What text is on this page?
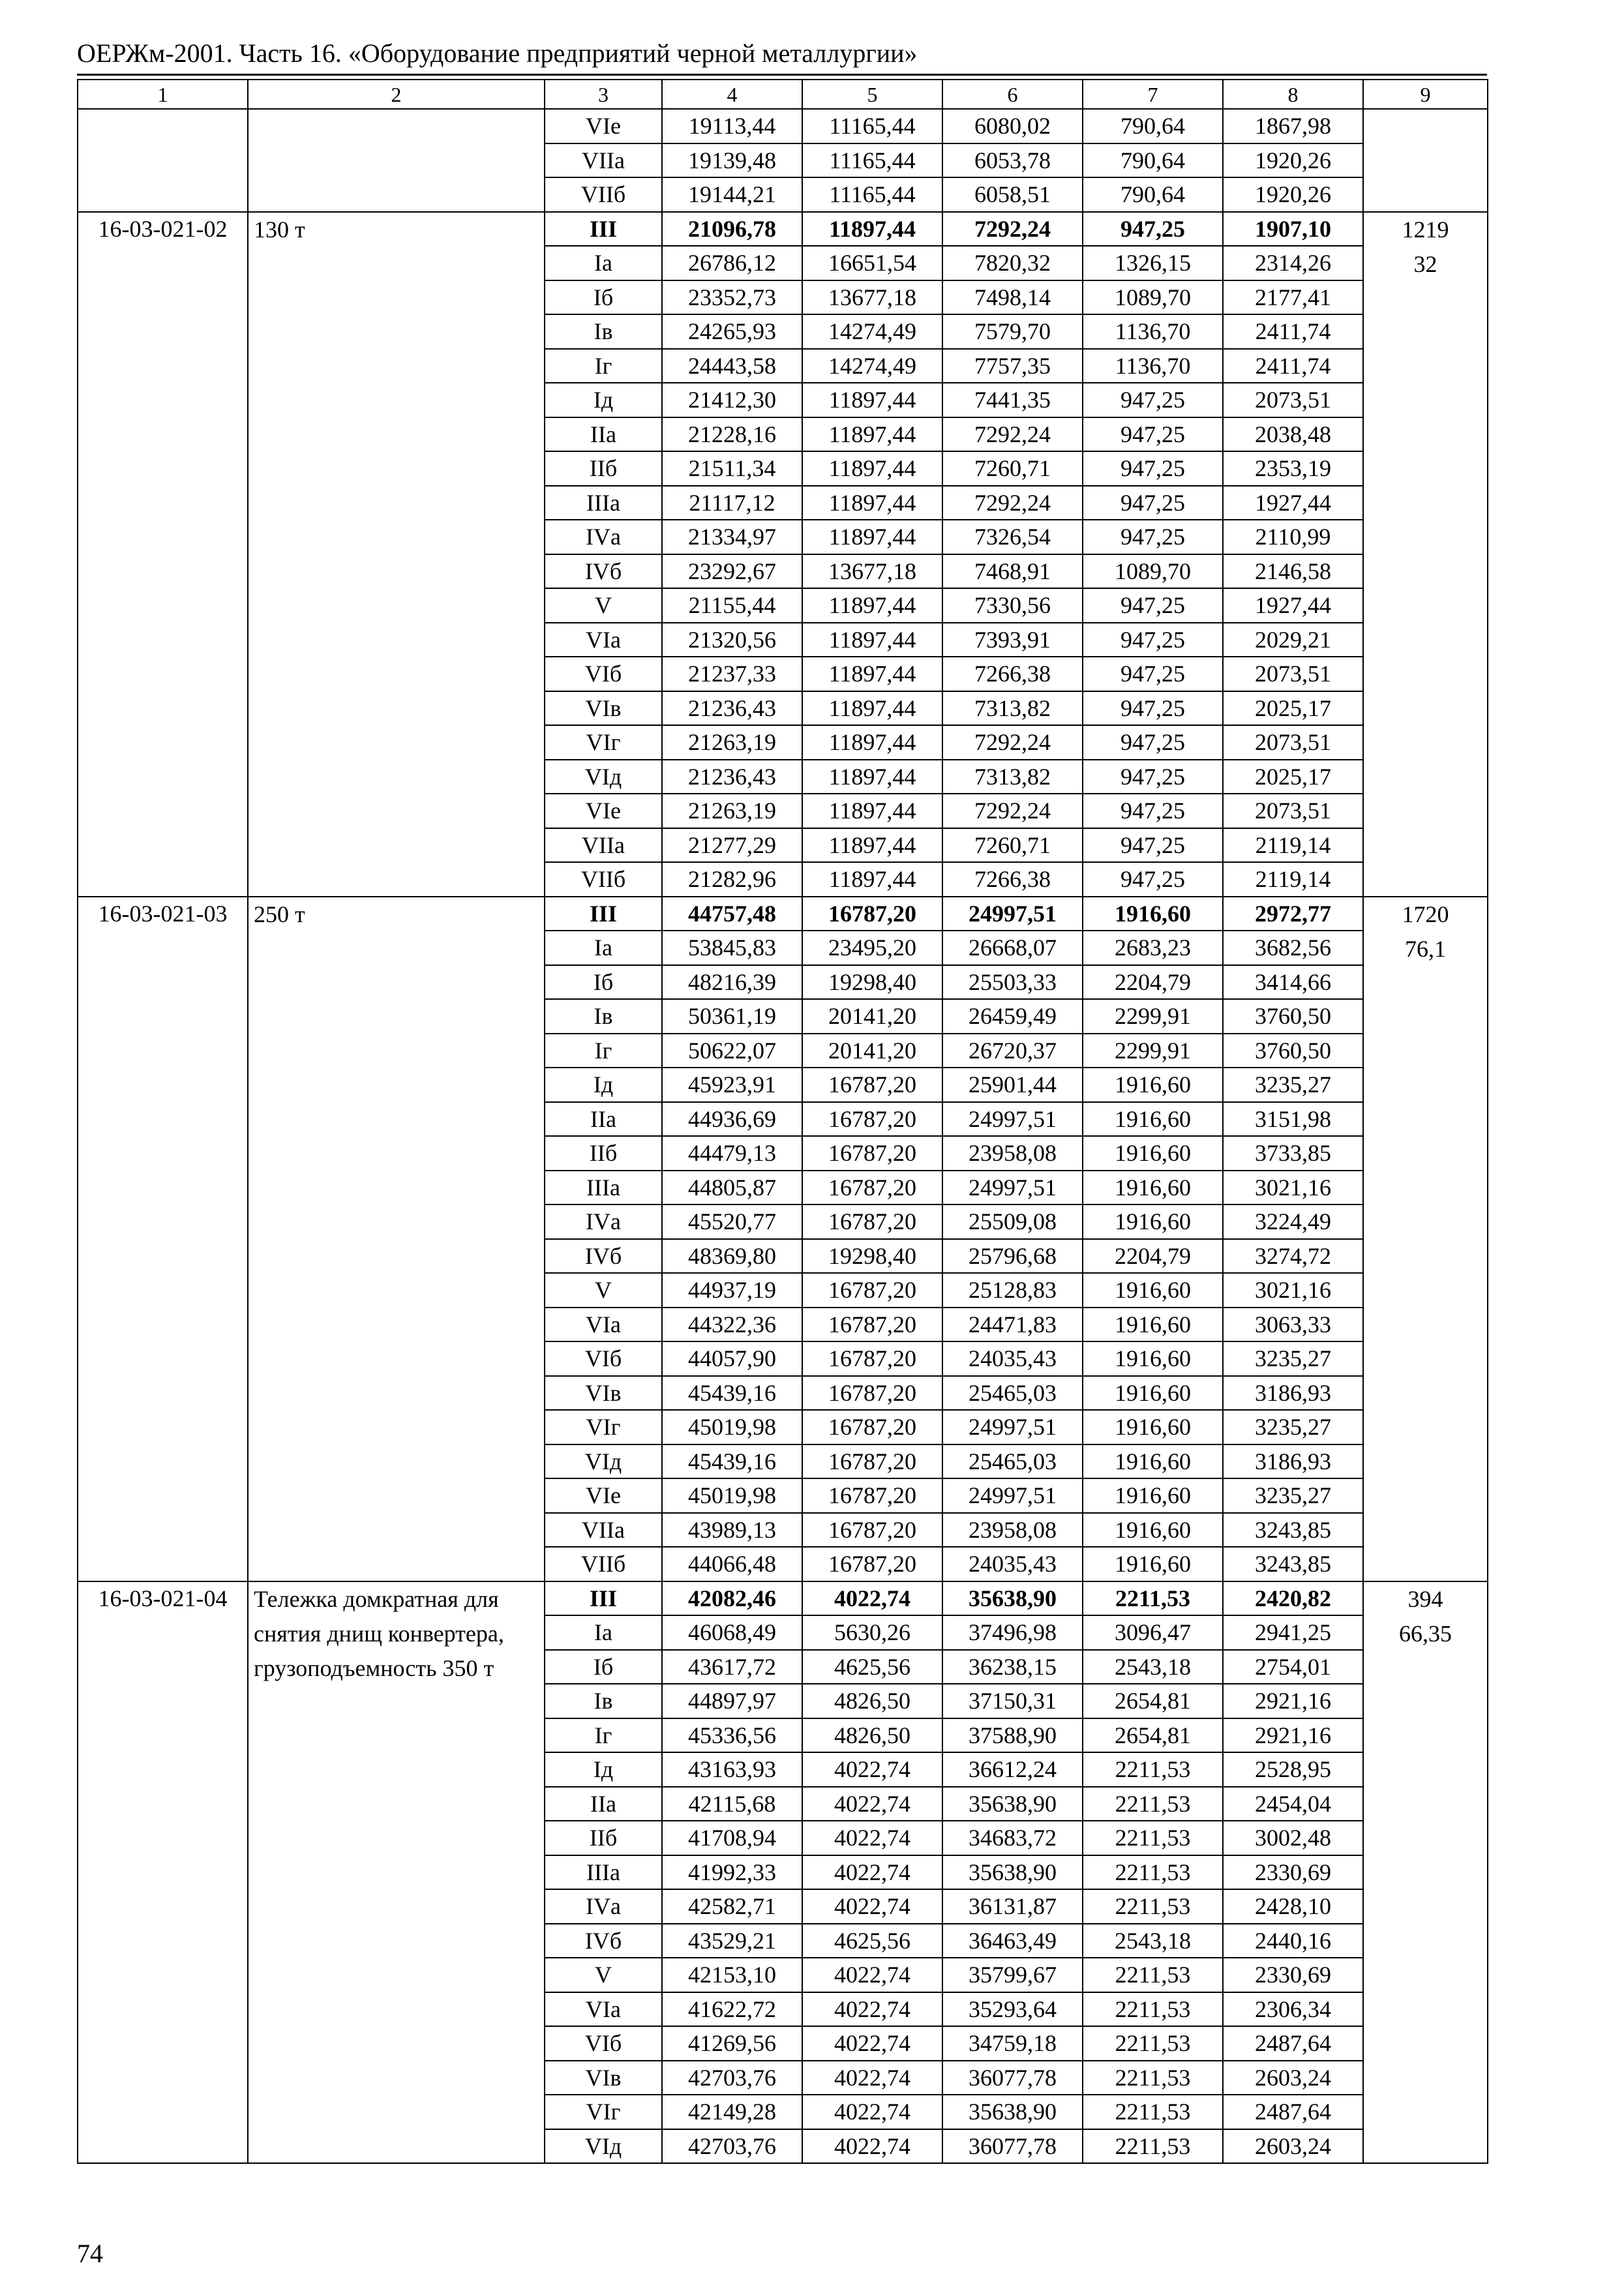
ОЕРЖм-2001. Часть 16. «Оборудование предприятий черной металлургии»
1	2	3	4	5	6	7	8	9
		VIе	19113,44	11165,44	6080,02	790,64	1867,98	
		VIIа	19139,48	11165,44	6053,78	790,64	1920,26	
		VIIб	19144,21	11165,44	6058,51	790,64	1920,26	
16-03-021-02	130 т	III	21096,78	11897,44	7292,24	947,25	1907,10	1219
32

		Iа	26786,12	16651,54	7820,32	1326,15	2314,26	
		Iб	23352,73	13677,18	7498,14	1089,70	2177,41	
		Iв	24265,93	14274,49	7579,70	1136,70	2411,74	
		Iг	24443,58	14274,49	7757,35	1136,70	2411,74	
		Iд	21412,30	11897,44	7441,35	947,25	2073,51	
		IIа	21228,16	11897,44	7292,24	947,25	2038,48	
		IIб	21511,34	11897,44	7260,71	947,25	2353,19	
		IIIа	21117,12	11897,44	7292,24	947,25	1927,44	
		IVа	21334,97	11897,44	7326,54	947,25	2110,99	
		IVб	23292,67	13677,18	7468,91	1089,70	2146,58	
		V	21155,44	11897,44	7330,56	947,25	1927,44	
		VIа	21320,56	11897,44	7393,91	947,25	2029,21	
		VIб	21237,33	11897,44	7266,38	947,25	2073,51	
		VIв	21236,43	11897,44	7313,82	947,25	2025,17	
		VIг	21263,19	11897,44	7292,24	947,25	2073,51	
		VIд	21236,43	11897,44	7313,82	947,25	2025,17	
		VIе	21263,19	11897,44	7292,24	947,25	2073,51	
		VIIа	21277,29	11897,44	7260,71	947,25	2119,14	
		VIIб	21282,96	11897,44	7266,38	947,25	2119,14	
16-03-021-03	250 т	III	44757,48	16787,20	24997,51	1916,60	2972,77	1720
76,1

		Iа	53845,83	23495,20	26668,07	2683,23	3682,56	
		Iб	48216,39	19298,40	25503,33	2204,79	3414,66	
		Iв	50361,19	20141,20	26459,49	2299,91	3760,50	
		Iг	50622,07	20141,20	26720,37	2299,91	3760,50	
		Iд	45923,91	16787,20	25901,44	1916,60	3235,27	
		IIа	44936,69	16787,20	24997,51	1916,60	3151,98	
		IIб	44479,13	16787,20	23958,08	1916,60	3733,85	
		IIIа	44805,87	16787,20	24997,51	1916,60	3021,16	
		IVа	45520,77	16787,20	25509,08	1916,60	3224,49	
		IVб	48369,80	19298,40	25796,68	2204,79	3274,72	
		V	44937,19	16787,20	25128,83	1916,60	3021,16	
		VIа	44322,36	16787,20	24471,83	1916,60	3063,33	
		VIб	44057,90	16787,20	24035,43	1916,60	3235,27	
		VIв	45439,16	16787,20	25465,03	1916,60	3186,93	
		VIг	45019,98	16787,20	24997,51	1916,60	3235,27	
		VIд	45439,16	16787,20	25465,03	1916,60	3186,93	
		VIе	45019,98	16787,20	24997,51	1916,60	3235,27	
		VIIа	43989,13	16787,20	23958,08	1916,60	3243,85	
		VIIб	44066,48	16787,20	24035,43	1916,60	3243,85	
16-03-021-04	Тележка домкратная для снятия днищ конвертера, грузоподъемность 350 т	III	42082,46	4022,74	35638,90	2211,53	2420,82	394
66,35

		Iа	46068,49	5630,26	37496,98	3096,47	2941,25	
		Iб	43617,72	4625,56	36238,15	2543,18	2754,01	
		Iв	44897,97	4826,50	37150,31	2654,81	2921,16	
		Iг	45336,56	4826,50	37588,90	2654,81	2921,16	
		Iд	43163,93	4022,74	36612,24	2211,53	2528,95	
		IIа	42115,68	4022,74	35638,90	2211,53	2454,04	
		IIб	41708,94	4022,74	34683,72	2211,53	3002,48	
		IIIа	41992,33	4022,74	35638,90	2211,53	2330,69	
		IVа	42582,71	4022,74	36131,87	2211,53	2428,10	
		IVб	43529,21	4625,56	36463,49	2543,18	2440,16	
		V	42153,10	4022,74	35799,67	2211,53	2330,69	
		VIа	41622,72	4022,74	35293,64	2211,53	2306,34	
		VIб	41269,56	4022,74	34759,18	2211,53	2487,64	
		VIв	42703,76	4022,74	36077,78	2211,53	2603,24	
		VIг	42149,28	4022,74	35638,90	2211,53	2487,64	
		VIд	42703,76	4022,74	36077,78	2211,53	2603,24	
74
